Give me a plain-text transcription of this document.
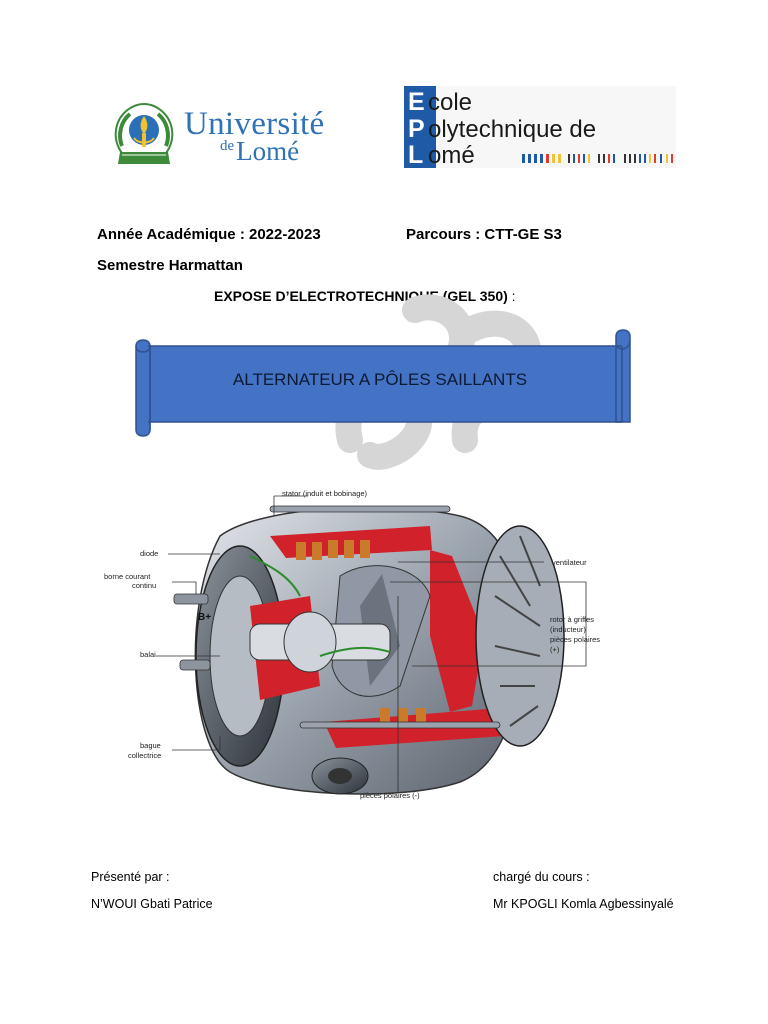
Université
$^{de}$Lomé
E cole
P olytechnique de
L omé
Année Académique : 2022-2023	Parcours : CTT-GE S3
Semestre Harmattan
EXPOSE D’ELECTROTECHNIQUE (GEL 350) :
ALTERNATEUR A PÔLES SAILLANTS
stator (induit et bobinage)
diode
borne courant
continu
balai
bague
collectrice
ventilateur
rotor à griffes
(inducteur)
pièces polaires
(+)
pièces polaires (-)
B+
Présenté par :
N’WOUI Gbati Patrice
chargé du cours :
Mr KPOGLI Komla Agbessinyalé
